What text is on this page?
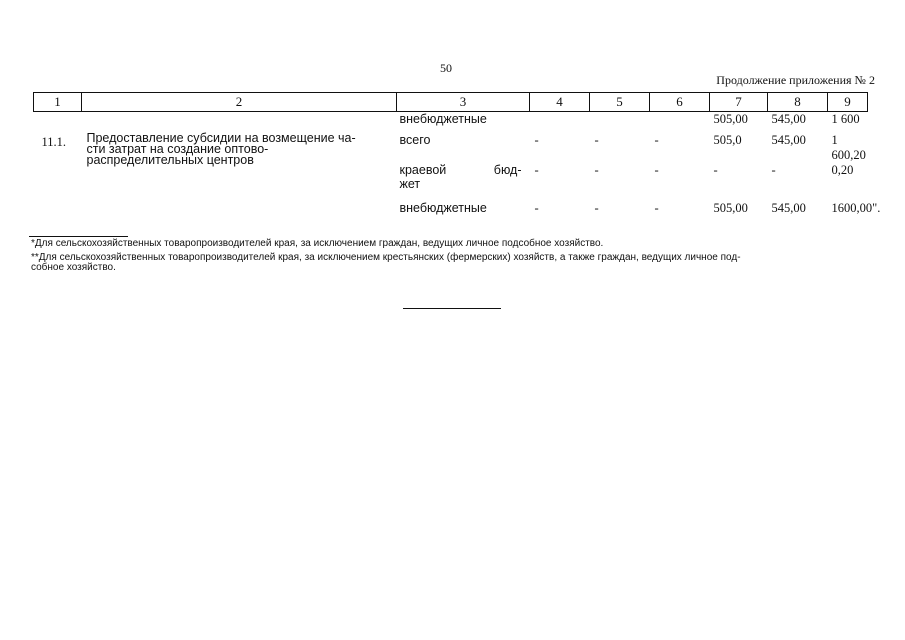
50
Продолжение приложения № 2
1	2	3	4	5	6	7	8	9
		внебюджетные				505,00	545,00	1 600
11.1.	Предоставление субсидии на возмещение ча-
сти затрат на создание оптово-
распределительных центров	всего	-	-	-	505,0	545,00	1 600,20

		краевой бюд-
жет	-	-	-	-	-	0,20
		внебюджетные	-	-	-	505,00	545,00	1600,00".
*Для сельскохозяйственных товаропроизводителей края, за исключением граждан, ведущих личное подсобное хозяйство.
**Для сельскохозяйственных товаропроизводителей края, за исключением крестьянских (фермерских) хозяйств, а также граждан, ведущих личное под-
собное хозяйство.
